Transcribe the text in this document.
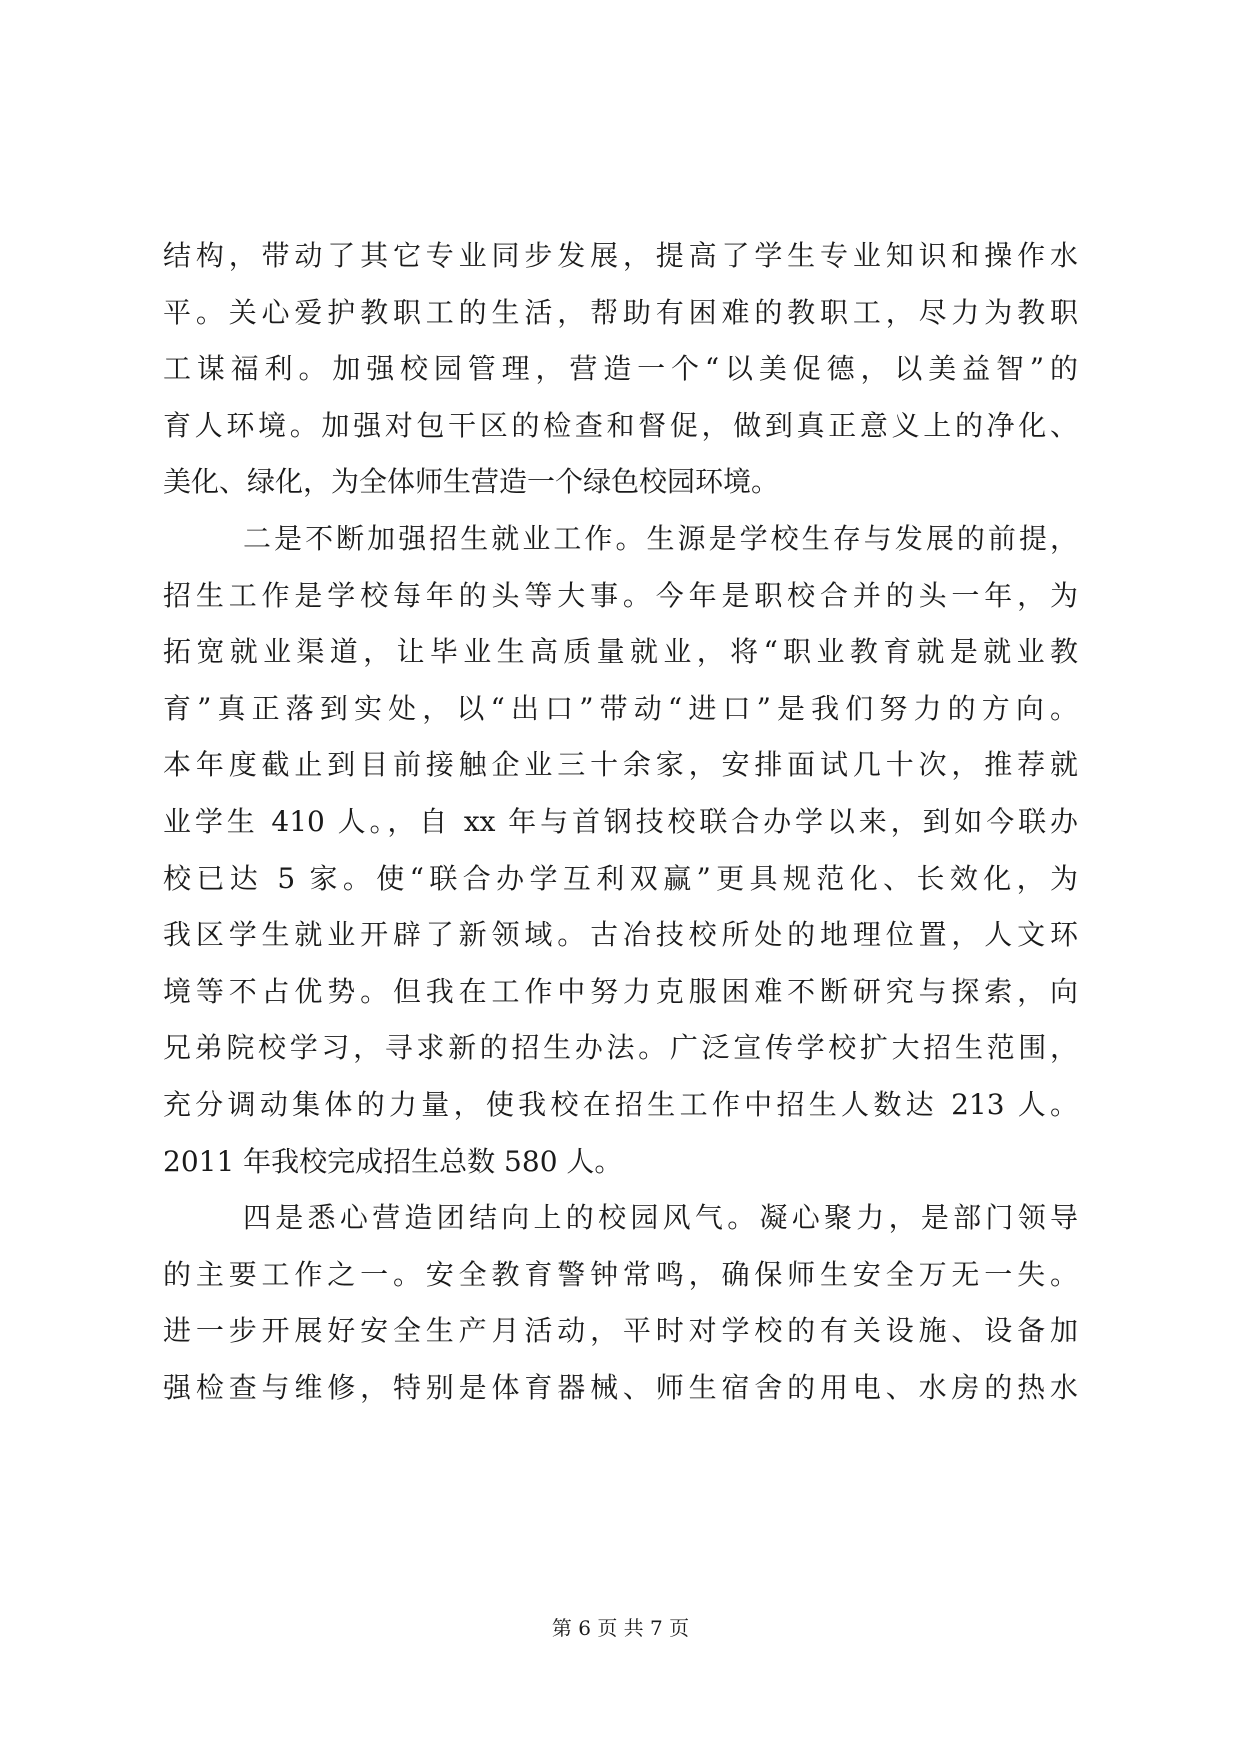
结构，带动了其它专业同步发展，提高了学生专业知识和操作水
平。关心爱护教职工的生活，帮助有困难的教职工，尽力为教职
工谋福利。加强校园管理，营造一个“以美促德，以美益智”的
育人环境。加强对包干区的检查和督促，做到真正意义上的净化、
美化、绿化，为全体师生营造一个绿色校园环境。
二是不断加强招生就业工作。生源是学校生存与发展的前提，
招生工作是学校每年的头等大事。今年是职校合并的头一年，为
拓宽就业渠道，让毕业生高质量就业，将“职业教育就是就业教
育”真正落到实处，以“出口”带动“进口”是我们努力的方向。
本年度截止到目前接触企业三十余家，安排面试几十次，推荐就
业学生 410 人。，自 xx 年与首钢技校联合办学以来，到如今联办
校已达 5 家。使“联合办学互利双赢”更具规范化、长效化，为
我区学生就业开辟了新领域。古冶技校所处的地理位置，人文环
境等不占优势。但我在工作中努力克服困难不断研究与探索，向
兄弟院校学习，寻求新的招生办法。广泛宣传学校扩大招生范围，
充分调动集体的力量，使我校在招生工作中招生人数达 213 人。
2011 年我校完成招生总数 580 人。
四是悉心营造团结向上的校园风气。凝心聚力，是部门领导
的主要工作之一。安全教育警钟常鸣，确保师生安全万无一失。
进一步开展好安全生产月活动，平时对学校的有关设施、设备加
强检查与维修，特别是体育器械、师生宿舍的用电、水房的热水
第 6 页 共 7 页
